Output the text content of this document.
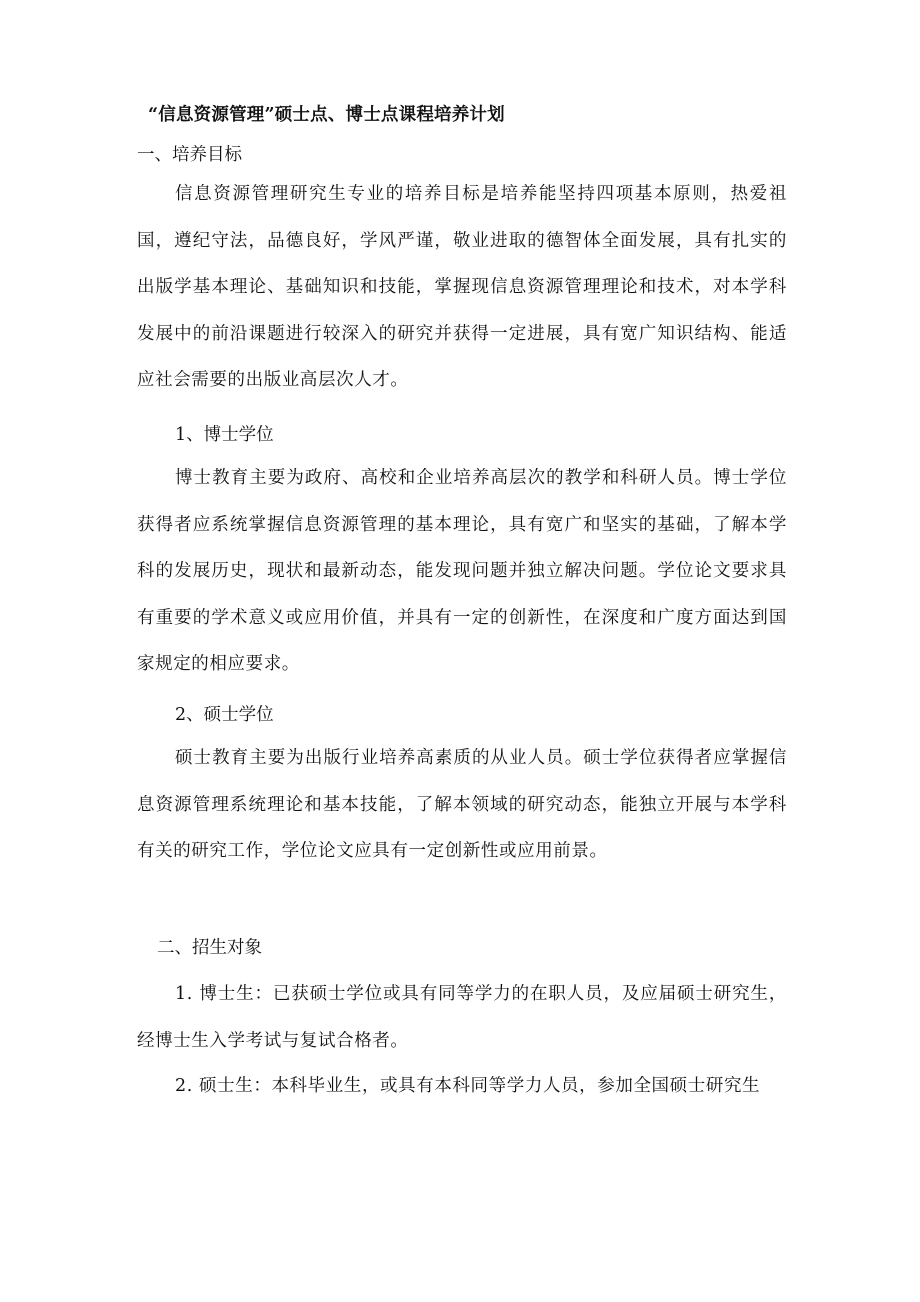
“信息资源管理”硕士点、博士点课程培养计划
一、培养目标
信息资源管理研究生专业的培养目标是培养能坚持四项基本原则，热爱祖国，遵纪守法，品德良好，学风严谨，敬业进取的德智体全面发展，具有扎实的出版学基本理论、基础知识和技能，掌握现信息资源管理理论和技术，对本学科发展中的前沿课题进行较深入的研究并获得一定进展，具有宽广知识结构、能适应社会需要的出版业高层次人才。
1、博士学位
博士教育主要为政府、高校和企业培养高层次的教学和科研人员。博士学位获得者应系统掌握信息资源管理的基本理论，具有宽广和坚实的基础，了解本学科的发展历史，现状和最新动态，能发现问题并独立解决问题。学位论文要求具有重要的学术意义或应用价值，并具有一定的创新性，在深度和广度方面达到国家规定的相应要求。
2、硕士学位
硕士教育主要为出版行业培养高素质的从业人员。硕士学位获得者应掌握信息资源管理系统理论和基本技能，了解本领域的研究动态，能独立开展与本学科有关的研究工作，学位论文应具有一定创新性或应用前景。
二、招生对象
1. 博士生：已获硕士学位或具有同等学力的在职人员，及应届硕士研究生，经博士生入学考试与复试合格者。
2. 硕士生：本科毕业生，或具有本科同等学力人员，参加全国硕士研究生
